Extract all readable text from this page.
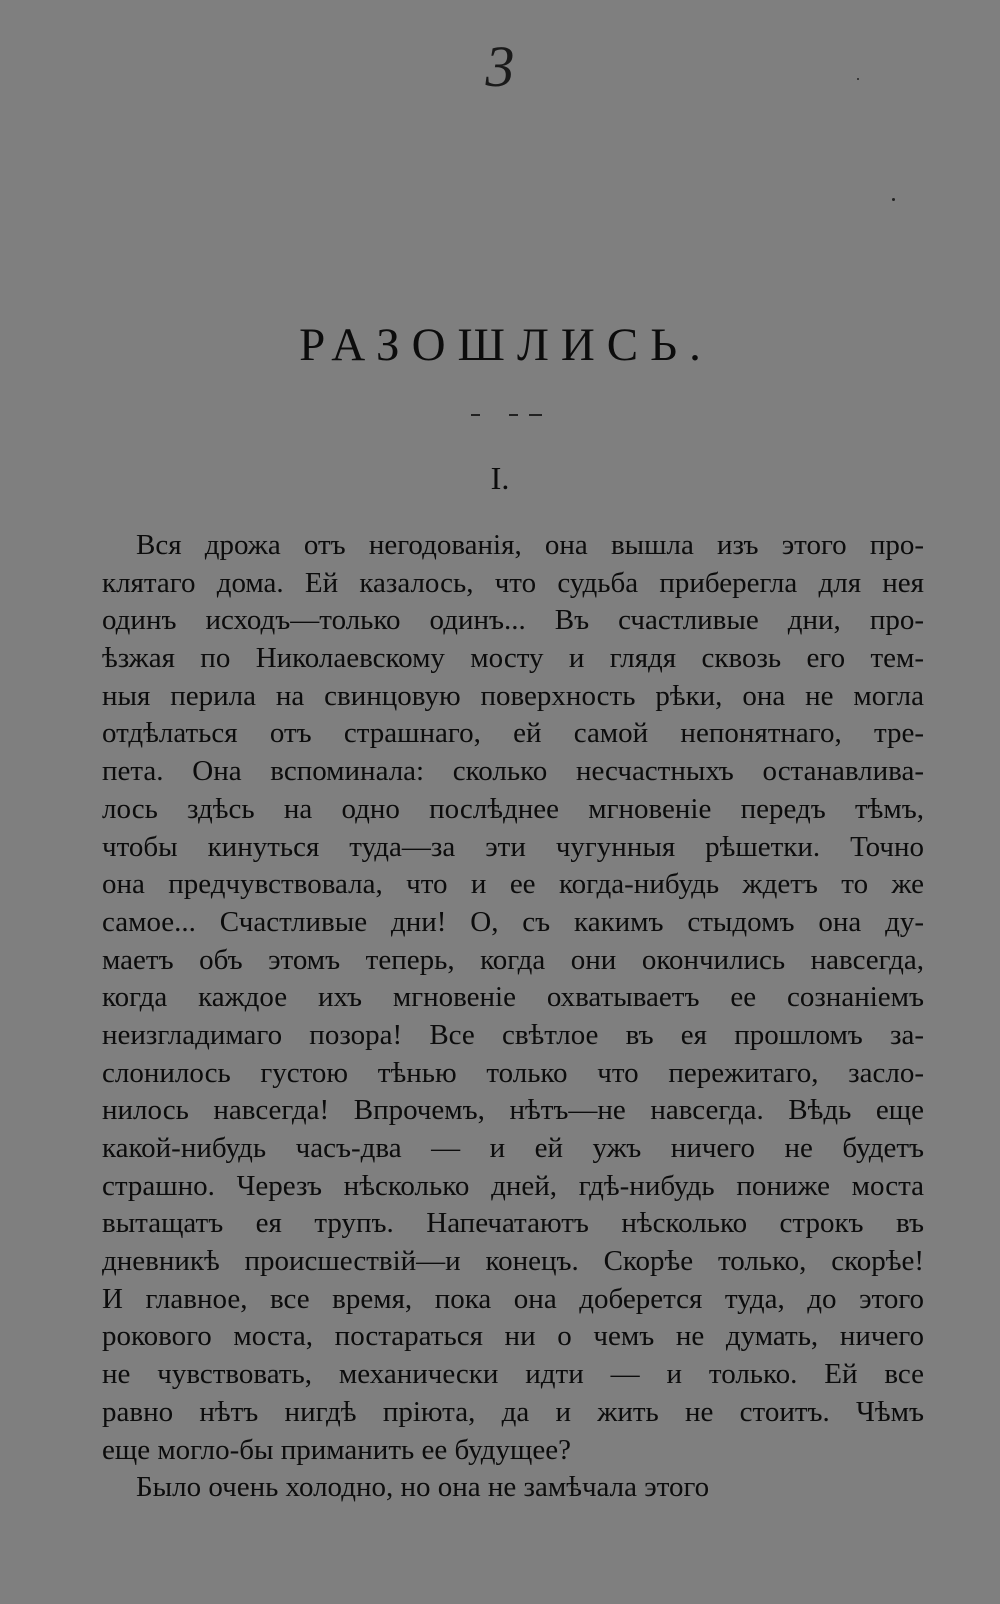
3
РАЗОШЛИСЬ.
I.
Вся дрожа отъ негодованія, она вышла изъ этого про-
клятаго дома. Ей казалось, что судьба приберегла для нея
одинъ исходъ—только одинъ... Въ счастливые дни, про-
ѣзжая по Николаевскому мосту и глядя сквозь его тем-
ныя перила на свинцовую поверхность рѣки, она не могла
отдѣлаться отъ страшнаго, ей самой непонятнаго, тре-
пета. Она вспоминала: сколько несчастныхъ останавлива-
лось здѣсь на одно послѣднее мгновеніе передъ тѣмъ,
чтобы кинуться туда—за эти чугунныя рѣшетки. Точно
она предчувствовала, что и ее когда-нибудь ждетъ то же
самое... Счастливые дни! О, съ какимъ стыдомъ она ду-
маетъ объ этомъ теперь, когда они окончились навсегда,
когда каждое ихъ мгновеніе охватываетъ ее сознаніемъ
неизгладимаго позора! Все свѣтлое въ ея прошломъ за-
слонилось густою тѣнью только что пережитаго, засло-
нилось навсегда! Впрочемъ, нѣтъ—не навсегда. Вѣдь еще
какой-нибудь часъ-два — и ей ужъ ничего не будетъ
страшно. Черезъ нѣсколько дней, гдѣ-нибудь пониже моста
вытащатъ ея трупъ. Напечатаютъ нѣсколько строкъ въ
дневникѣ происшествій—и конецъ. Скорѣе только, скорѣе!
И главное, все время, пока она доберется туда, до этого
рокового моста, постараться ни о чемъ не думать, ничего
не чувствовать, механически идти — и только. Ей все
равно нѣтъ нигдѣ пріюта, да и жить не стоитъ. Чѣмъ
еще могло-бы приманить ее будущее?
Было очень холодно, но она не замѣчала этого
